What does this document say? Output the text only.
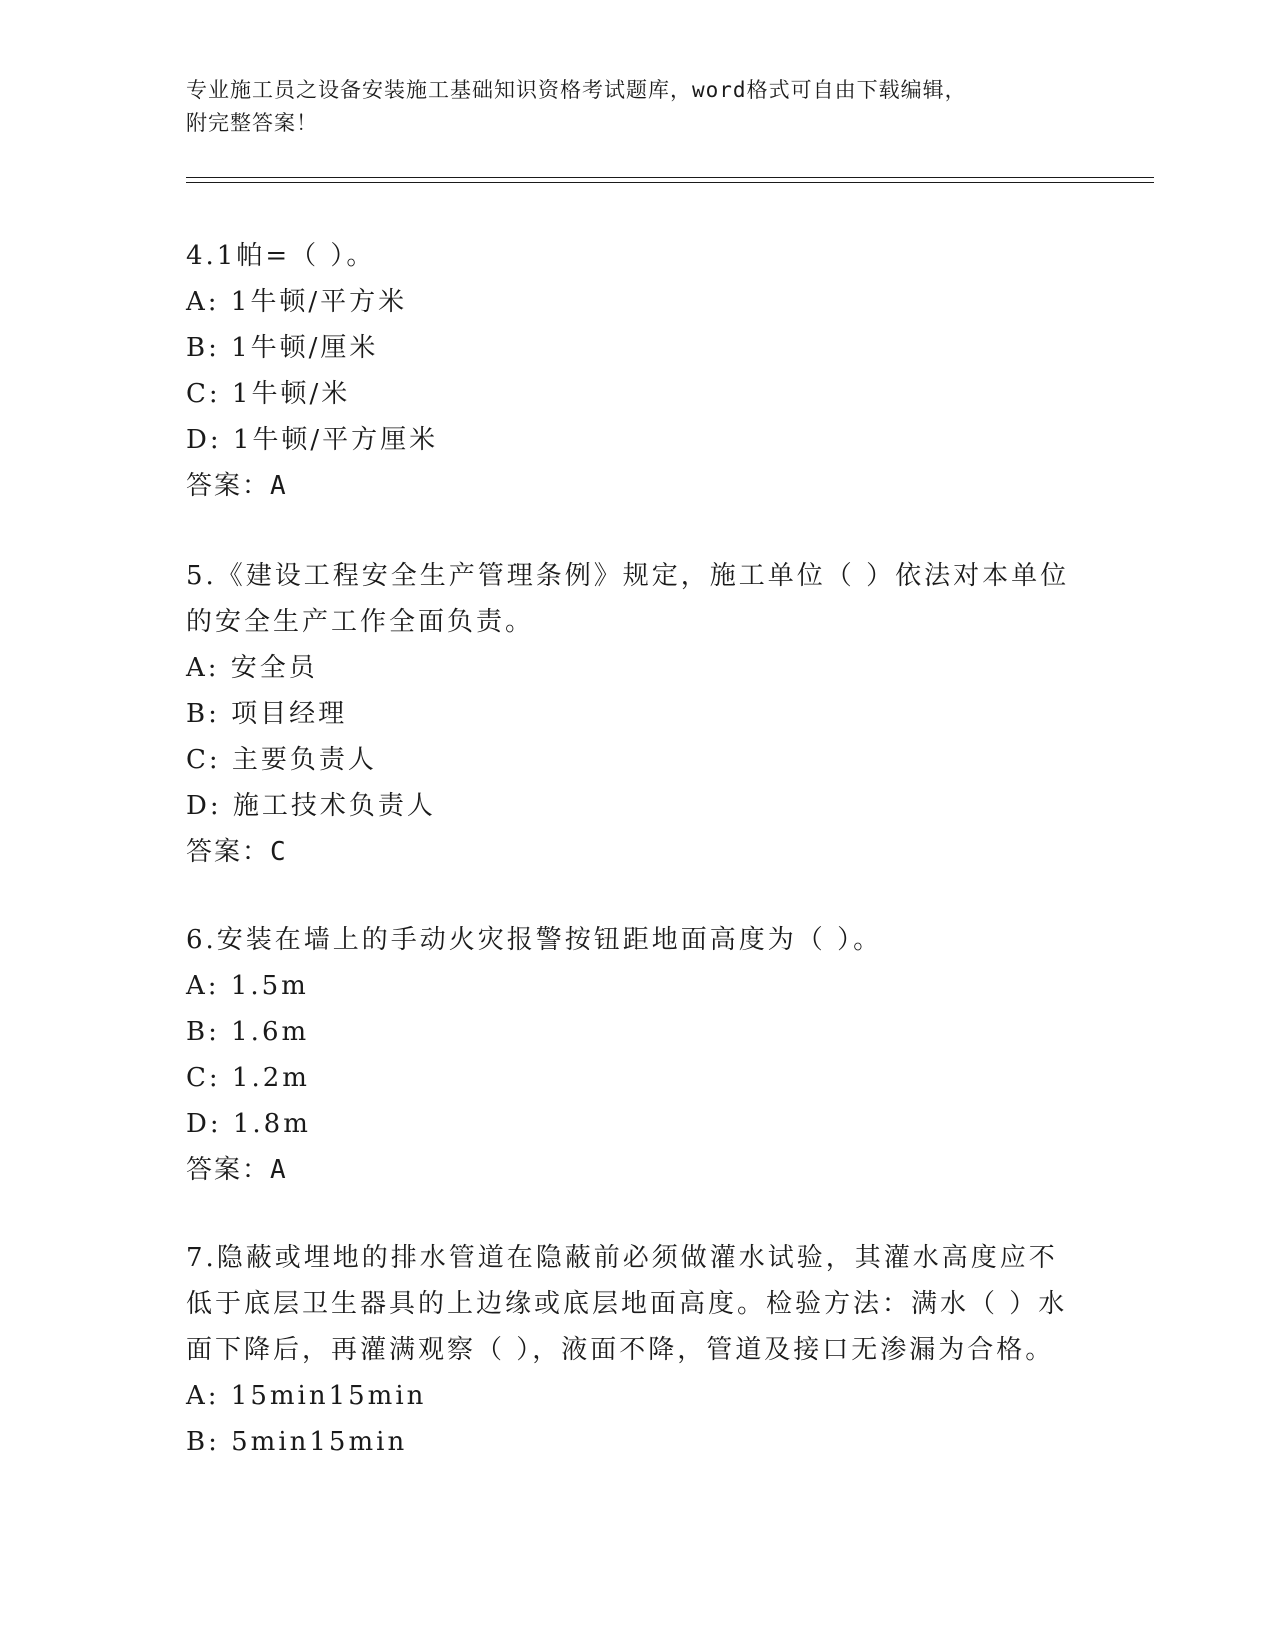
专业施工员之设备安装施工基础知识资格考试题库，word格式可自由下载编辑，
附完整答案！

4.1帕=（ ）。
A: 1牛顿/平方米
B: 1牛顿/厘米
C: 1牛顿/米
D: 1牛顿/平方厘米
答案：A
5.《建设工程安全生产管理条例》规定，施工单位（ ）依法对本单位
的安全生产工作全面负责。
A: 安全员
B: 项目经理
C: 主要负责人
D: 施工技术负责人
答案：C
6.安装在墙上的手动火灾报警按钮距地面高度为（ ）。
A: 1.5m
B: 1.6m
C: 1.2m
D: 1.8m
答案：A
7.隐蔽或埋地的排水管道在隐蔽前必须做灌水试验，其灌水高度应不
低于底层卫生器具的上边缘或底层地面高度。检验方法：满水（ ）水
面下降后，再灌满观察（ ），液面不降，管道及接口无渗漏为合格。
A: 15min15min
B: 5min15min
